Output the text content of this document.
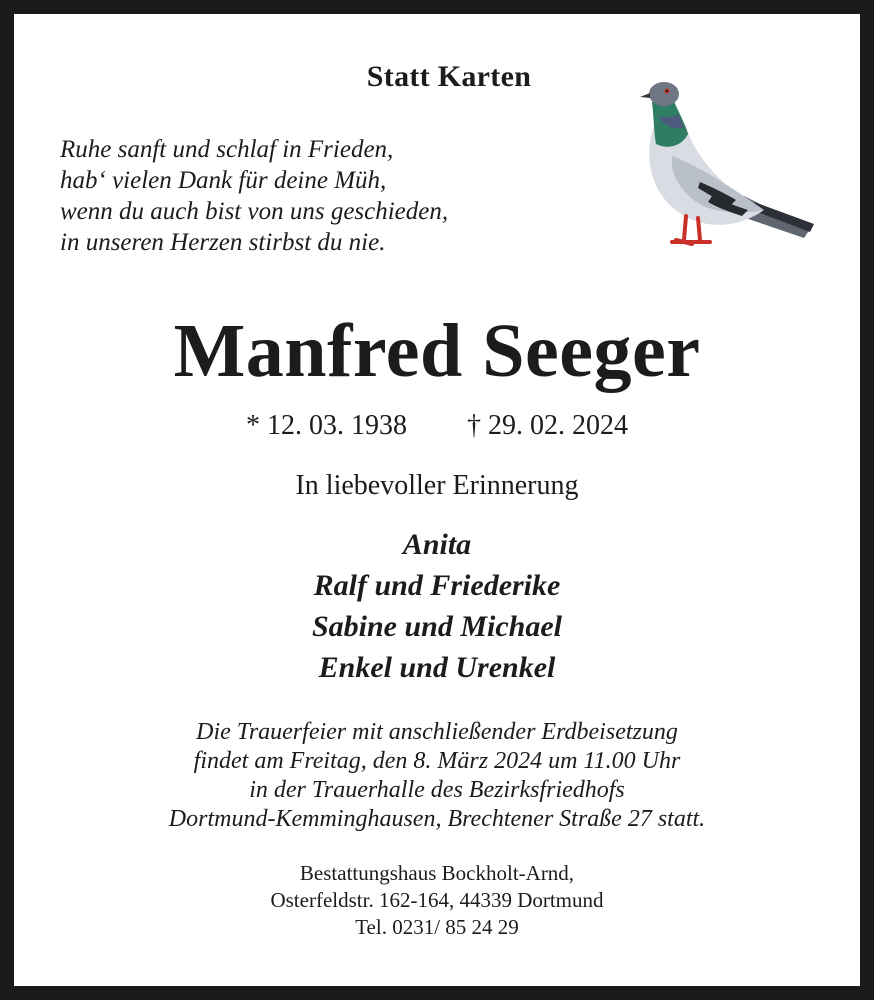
Statt Karten
Ruhe sanft und schlaf in Frieden,
hab‘ vielen Dank für deine Müh,
wenn du auch bist von uns geschieden,
in unseren Herzen stirbst du nie.
Manfred Seeger
* 12. 03. 1938 † 29. 02. 2024
In liebevoller Erinnerung
Anita
Ralf und Friederike
Sabine und Michael
Enkel und Urenkel
Die Trauerfeier mit anschließender Erdbeisetzung
findet am Freitag, den 8. März 2024 um 11.00 Uhr
in der Trauerhalle des Bezirksfriedhofs
Dortmund-Kemminghausen, Brechtener Straße 27 statt.
Bestattungshaus Bockholt-Arnd,
Osterfeldstr. 162-164, 44339 Dortmund
Tel. 0231/ 85 24 29
